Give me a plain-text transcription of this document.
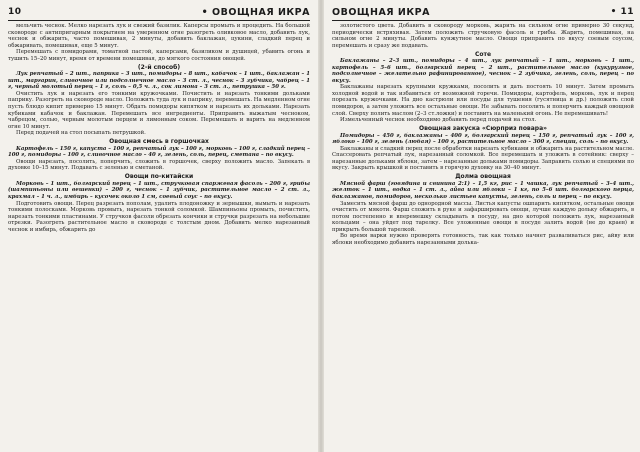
10	• ОВОЩНАЯ ИКРА

мельчить чеснок. Мелко нарезать лук и свежий базилик. Каперсы промыть и процедить. На большой сковороде с антипригарным покрытием на умеренном огне разогреть оливковое масло, добавить лук, чеснок и обжарить, часто помешивая, 2 минуты, добавить баклажан, цукини, сладкий перец и обжаривать, помешивая, еще 5 минут.

Перемешать с помидорами, томатной пастой, каперсами, базиликом и душицей, убавить огонь и тушить 15–20 минут, время от времени помешивая, до мягкого состояния овощей.

(2-й способ)

Лук репчатый – 2 шт., паприка – 3 шт., помидоры – 8 шт., кабачок – 1 шт., баклажан – 1 шт., маргарин, сливочное или подсолнечное масло – 3 ст. л., чеснок – 3 зубчика, чабрец – 1 г, черный молотый перец – 1 г, соль – 0,5 ч. л., сок лимона – 3 ст. л., петрушка – 50 г.

Очистить лук и нарезать его тонкими кружочками. Почистить и нарезать тонкими дольками паприку. Разогреть на сковороде масло. Положить туда лук и паприку, перемешать. На медленном огне пусть блюдо кипит примерно 15 минут. Обдать помидоры кипятком и нарезать их дольками. Нарезать кубиками кабачок и баклажан. Перемешать все ингредиенты. Приправить выжатым чесноком, чабрецом, солью, черным молотым перцем и лимонным соком. Перемешать и варить на медленном огне 10 минут.

Перед подачей на стол посыпать петрушкой.

Овощная смесь в горшочках

Картофель – 150 г, капуста – 100 г, репчатый лук – 100 г, морковь – 100 г, сладкий перец – 100 г, помидоры – 100 г, сливочное масло – 40 г, зелень, соль, перец, сметана – по вкусу.

Овощи нарезать, посолить, поперчить, сложить в горшочек, сверху положить масло. Запекать в духовке 10–15 минут. Подавать с зеленью и сметаной.

Овощи по-китайски

Морковь – 1 шт., болгарский перец – 1 шт., стручковая спаржевая фасоль – 200 г, грибы (шампиньоны или вешенки) – 200 г, чеснок – 1 зубчик, растительное масло – 2 ст. л., крахмал – 1 ч. л., имбирь – кусочек около 1 см, соевый соус – по вкусу.

Подготовить овощи. Перец разрезать пополам, удалить плодоножку и зернышки, вымыть и нарезать тонкими полосками. Морковь промыть, нарезать тонкой соломкой. Шампиньоны промыть, почистить, нарезать тонкими пластинами. У стручков фасоли обрезать кончики и стручки разрезать на небольшие отрезки. Разогреть растительное масло в сковороде с толстым дном. Добавить мелко нарезанный чеснок и имбирь, обжарить до

ОВОЩНАЯ ИКРА	• 11

золотистого цвета. Добавить в сковороду морковь, жарить на сильном огне примерно 30 секунд, периодически встряхивая. Затем положить стручковую фасоль и грибы. Жарить, помешивая, на сильном огне 2 минуты. Добавить кунжутное масло. Овощи приправить по вкусу соевым соусом, перемешать и сразу же подавать.

Соте

Баклажаны – 2–3 шт., помидоры – 4 шт., лук репчатый – 1 шт., морковь – 1 шт., картофель – 5–6 шт., болгарский перец – 2 шт., растительное масло (кукурузное, подсолнечное – желательно рафинированное), чеснок – 2 зубчика, зелень, соль, перец – по вкусу.

Баклажаны нарезать крупными кружками, посолить и дать постоять 10 минут. Затем промыть холодной водой и так избавиться от возможной горечи. Помидоры, картофель, морковь, лук и перец порезать кружочками. На дно кастрюли или посуды для тушения (гусятница и др.) положить слой помидоров, а затем уложить все остальные овощи. Не забывать посолить и поперчить каждый овощной слой. Сверху полить маслом (2–3 ст.ложки) и поставить на маленький огонь. Не перемешивать!

Измельченный чеснок необходимо добавить перед подачей на стол.

Овощная закуска «Сюрприз повара»

Помидоры – 450 г, баклажаны – 400 г, болгарский перец – 150 г, репчатый лук – 100 г, яблоко – 100 г, зелень (любая) – 100 г, растительное масло – 300 г, специи, соль – по вкусу.

Баклажаны и сладкий перец после обработки нарезать кубиками и обжарить на растительном масле. Спассеровать репчатый лук, нарезанный соломкой. Все перемешать и уложить в сотейник: сверху – нарезанные дольками яблоки, затем – нарезанные дольками помидоры. Заправить солью и специями по вкусу. Закрыть крышкой и поставить в горячую духовку на 30–40 минут.

Долма овощная

Мясной фарш (говядина и свинина 2:1) – 1,5 кг, рис – 1 чашка, лук репчатый – 3–4 шт., желток – 1 шт., водка – 1 ст. л., айва или яблоки – 1 кг, по 5–6 шт. болгарского перца, баклажанов, помидоров, несколько листьев капусты, зелень, соль и перец – по вкусу.

Замесить мясной фарш до однородной массы. Листья капусты ошпарить кипятком, остальные овощи очистить от мякоти. Фарш сложить в руке и зафаршировать овощи, лучше каждую дольку обжарить, в потом постепенно и вперемешку складывать в посуду, на дно которой положить лук, нарезанный кольцами – она уйдет под тарелку. Все уложенные овощи в посуде залить водой (не до краев) и прикрыть большой тарелкой.

Во время варки нужно проверять готовность, так как только начнет разваливаться рис, айву или яблоки необходимо добавить нарезанными долька-
